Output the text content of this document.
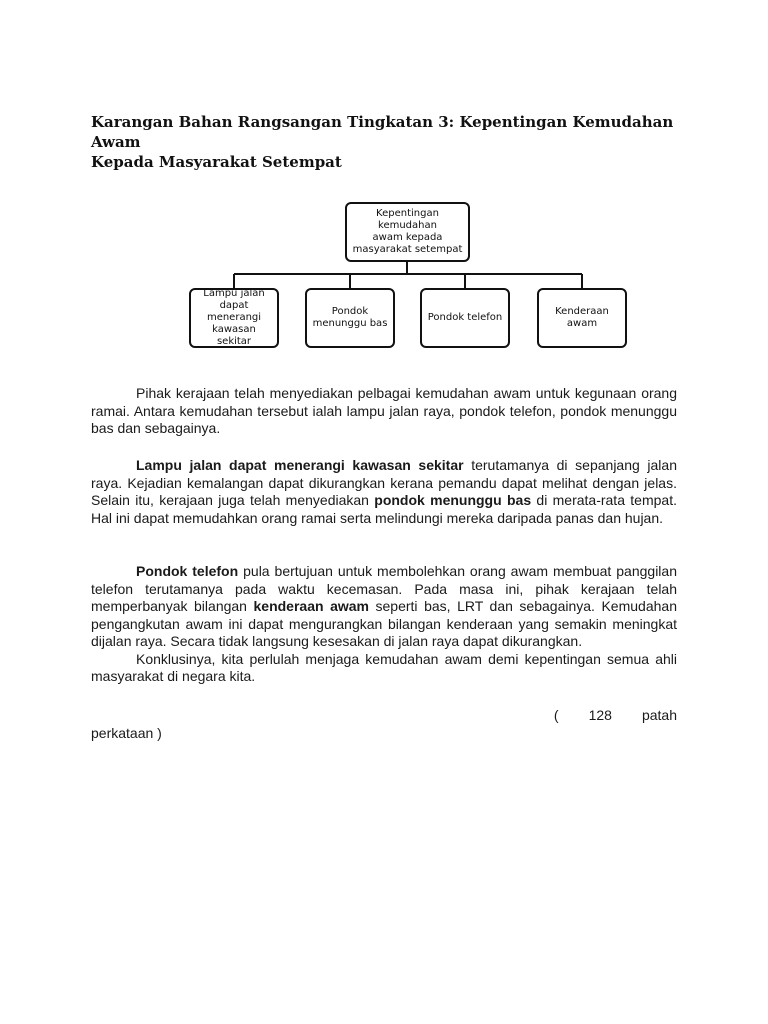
Karangan Bahan Rangsangan Tingkatan 3: Kepentingan Kemudahan Awam
Kepada Masyarakat Setempat
Kepentingan kemudahan
awam kepada
masyarakat setempat
Lampu jalan
dapat menerangi
kawasan sekitar
Pondok
menunggu bas
Pondok telefon
Kenderaan awam

Pihak kerajaan telah menyediakan pelbagai kemudahan awam untuk kegunaan orang ramai. Antara kemudahan tersebut ialah lampu jalan raya, pondok telefon, pondok menunggu bas dan sebagainya.

Lampu jalan dapat menerangi kawasan sekitar terutamanya di sepanjang jalan raya. Kejadian kemalangan dapat dikurangkan kerana pemandu dapat melihat dengan jelas. Selain itu, kerajaan juga telah menyediakan pondok menunggu bas di merata-rata tempat. Hal ini dapat memudahkan orang ramai serta melindungi mereka daripada panas dan hujan.

Pondok telefon pula bertujuan untuk membolehkan orang awam membuat panggilan telefon terutamanya pada waktu kecemasan. Pada masa ini, pihak kerajaan telah memperbanyak bilangan kenderaan awam seperti bas, LRT dan sebagainya. Kemudahan pengangkutan awam ini dapat mengurangkan bilangan kenderaan yang semakin meningkat dijalan raya. Secara tidak langsung kesesakan di jalan raya dapat dikurangkan.

Konklusinya, kita perlulah menjaga kemudahan awam demi kepentingan semua ahli masyarakat di negara kita.

( 128 patah
perkataan )
